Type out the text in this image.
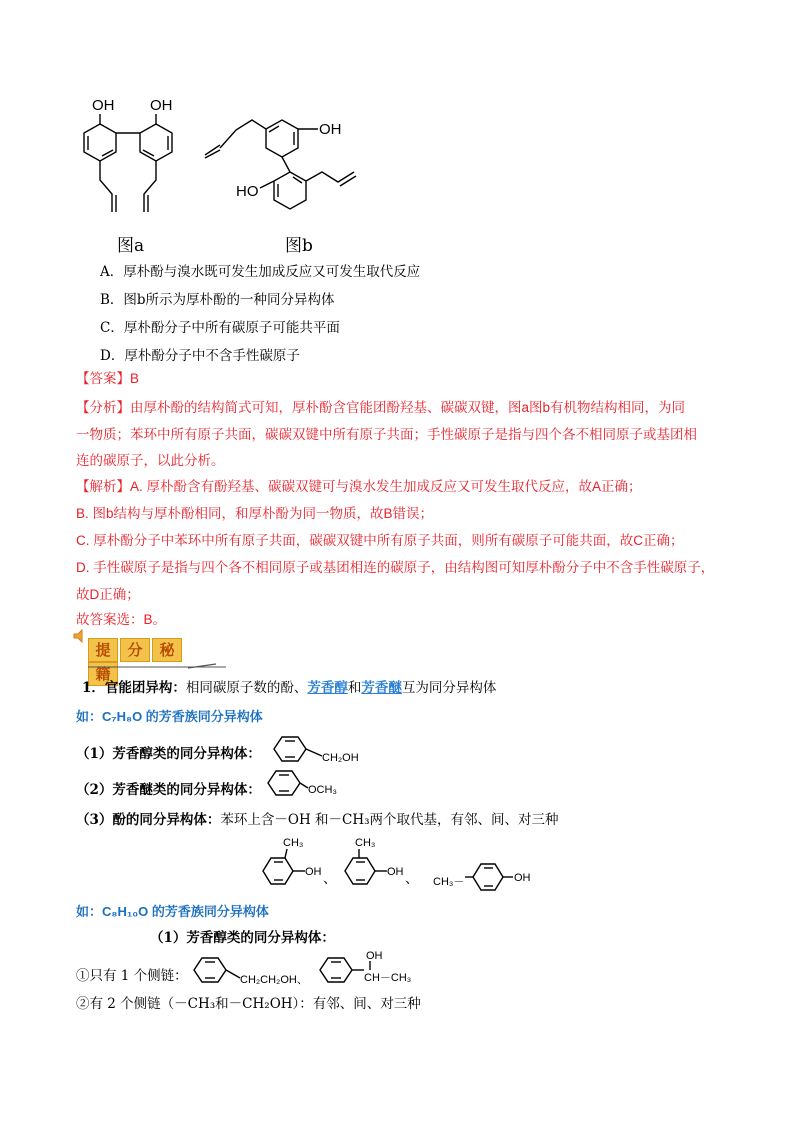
OH OH
图a
OH
HO
图b
A．厚朴酚与溴水既可发生加成反应又可发生取代反应
B．图b所示为厚朴酚的一种同分异构体
C．厚朴酚分子中所有碳原子可能共平面
D．厚朴酚分子中不含手性碳原子
【答案】B
【分析】由厚朴酚的结构简式可知，厚朴酚含官能团酚羟基、碳碳双键，图a图b有机物结构相同，为同
一物质；苯环中所有原子共面，碳碳双键中所有原子共面；手性碳原子是指与四个各不相同原子或基团相
连的碳原子，以此分析。
【解析】A. 厚朴酚含有酚羟基、碳碳双键可与溴水发生加成反应又可发生取代反应，故A正确；
B. 图b结构与厚朴酚相同，和厚朴酚为同一物质，故B错误；
C. 厚朴酚分子中苯环中所有原子共面，碳碳双键中所有原子共面，则所有碳原子可能共面，故C正确；
D. 手性碳原子是指与四个各不相同原子或基团相连的碳原子，由结构图可知厚朴酚分子中不含手性碳原子，
故D正确；
故答案选：B。
提 分 秘籍
1．官能团异构：相同碳原子数的酚、芳香醇和芳香醚互为同分异构体
如：C₇H₈O 的芳香族同分异构体
（1）芳香醇类的同分异构体：	CH₂OH
（2）芳香醚类的同分异构体：	OCH₃
（3）酚的同分异构体：苯环上含－OH 和－CH₃两个取代基，有邻、间、对三种
CH₃
OH 、
CH₃
OH 、 CH₃－	OH
如：C₈H₁₀O 的芳香族同分异构体
（1）芳香醇类的同分异构体：
①只有 1 个侧链：	CH₂CH₂OH、
OH
CH－CH₃
②有 2 个侧链（－CH₃和－CH₂OH）：有邻、间、对三种
